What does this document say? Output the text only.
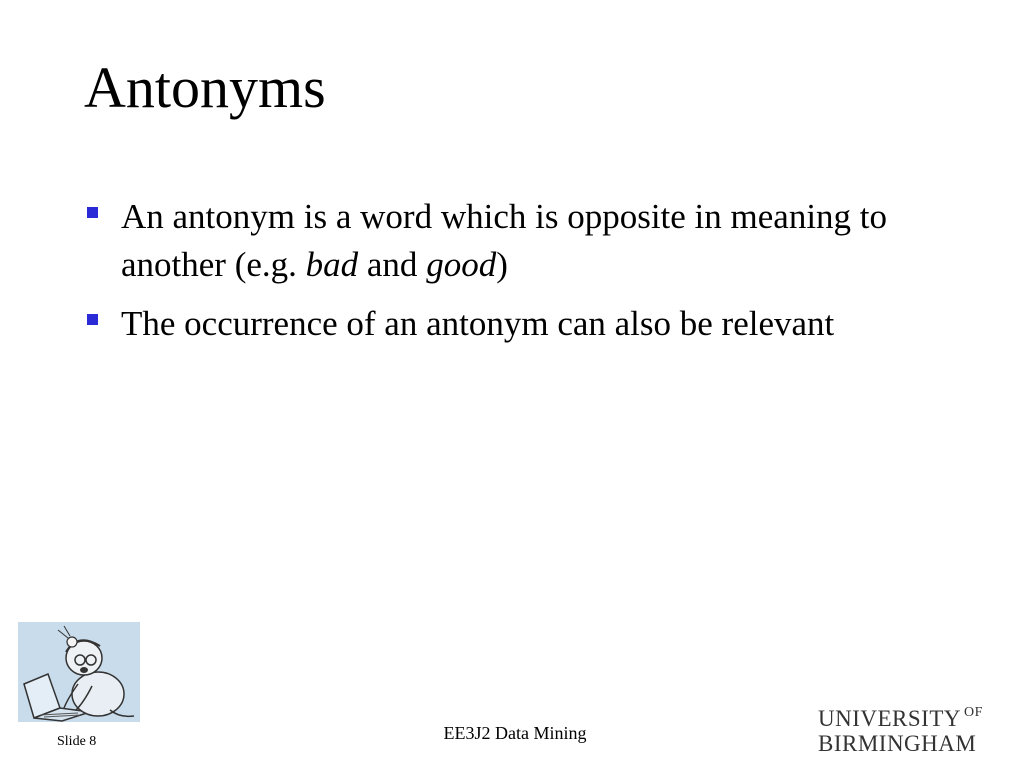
Antonyms
An antonym is a word which is opposite in meaning to another (e.g. bad and good)
The occurrence of an antonym can also be relevant
EE3J2 Data Mining
Slide 8
UNIVERSITY OF
BIRMINGHAM
